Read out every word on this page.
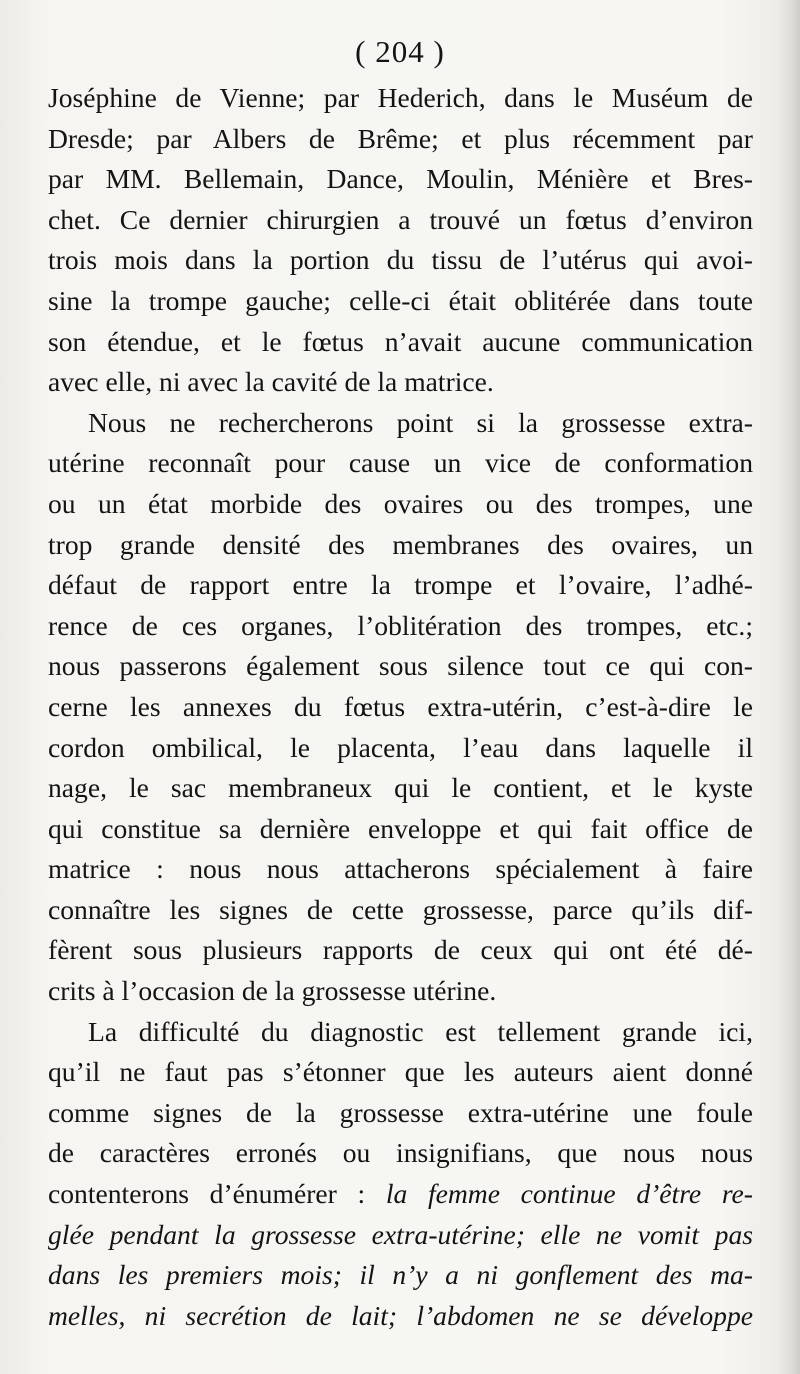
( 204 )
Joséphine de Vienne; par Hederich, dans le Muséum de
Dresde; par Albers de Brême; et plus récemment par
par MM. Bellemain, Dance, Moulin, Ménière et Bres-
chet. Ce dernier chirurgien a trouvé un fœtus d’environ
trois mois dans la portion du tissu de l’utérus qui avoi-
sine la trompe gauche; celle-ci était oblitérée dans toute
son étendue, et le fœtus n’avait aucune communication
avec elle, ni avec la cavité de la matrice.
Nous ne rechercherons point si la grossesse extra-
utérine reconnaît pour cause un vice de conformation
ou un état morbide des ovaires ou des trompes, une
trop grande densité des membranes des ovaires, un
défaut de rapport entre la trompe et l’ovaire, l’adhé-
rence de ces organes, l’oblitération des trompes, etc.;
nous passerons également sous silence tout ce qui con-
cerne les annexes du fœtus extra-utérin, c’est-à-dire le
cordon ombilical, le placenta, l’eau dans laquelle il
nage, le sac membraneux qui le contient, et le kyste
qui constitue sa dernière enveloppe et qui fait office de
matrice : nous nous attacherons spécialement à faire
connaître les signes de cette grossesse, parce qu’ils dif-
fèrent sous plusieurs rapports de ceux qui ont été dé-
crits à l’occasion de la grossesse utérine.
La difficulté du diagnostic est tellement grande ici,
qu’il ne faut pas s’étonner que les auteurs aient donné
comme signes de la grossesse extra-utérine une foule
de caractères erronés ou insignifians, que nous nous
contenterons d’énumérer : la femme continue d’être re-
glée pendant la grossesse extra-utérine; elle ne vomit pas
dans les premiers mois; il n’y a ni gonflement des ma-
melles, ni secrétion de lait; l’abdomen ne se développe
